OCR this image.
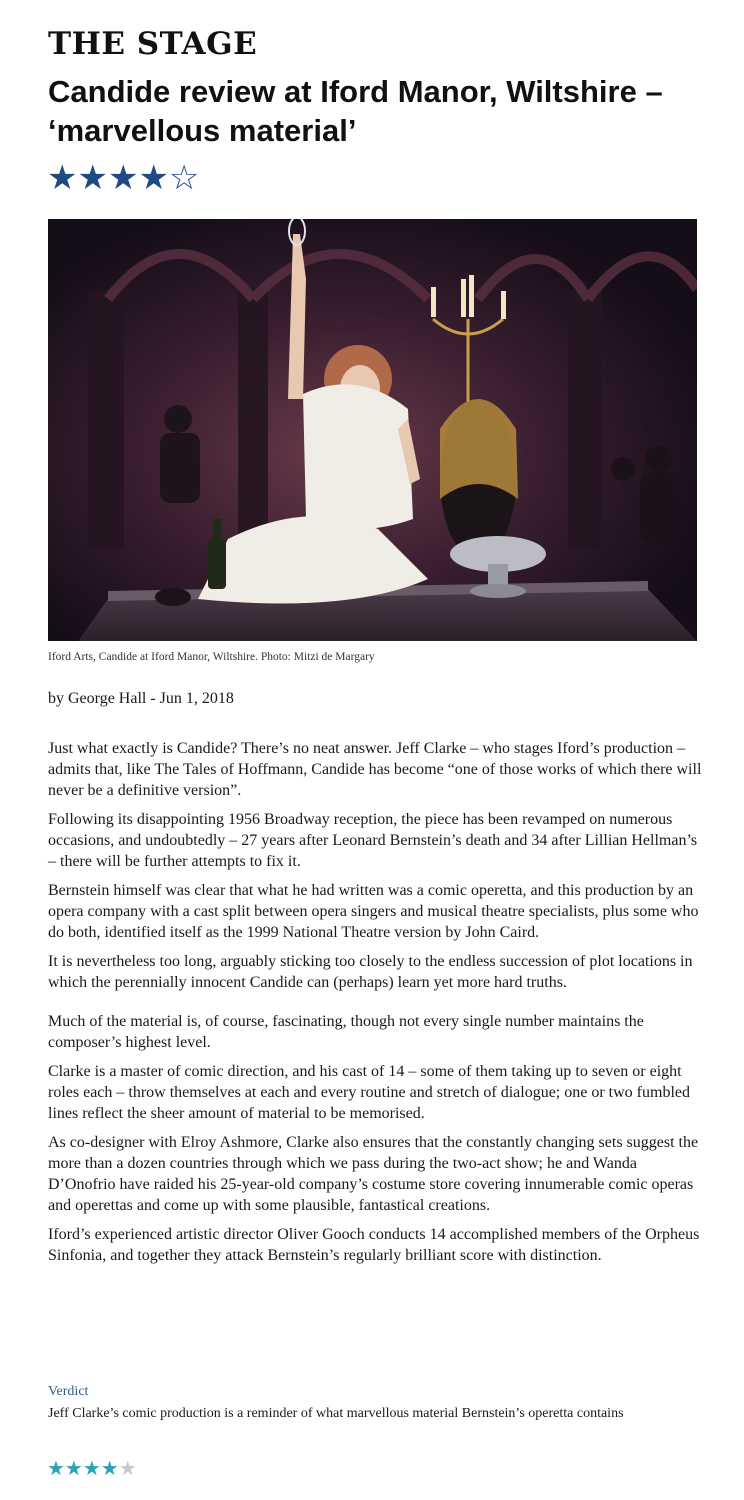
THE STAGE
Candide review at Iford Manor, Wiltshire – ‘marvellous material’
★★★★☆
Iford Arts, Candide at Iford Manor, Wiltshire. Photo: Mitzi de Margary
by George Hall - Jun 1, 2018

Just what exactly is Candide? There’s no neat answer. Jeff Clarke – who stages Iford’s production – admits that, like The Tales of Hoffmann, Candide has become “one of those works of which there will never be a definitive version”.

Following its disappointing 1956 Broadway reception, the piece has been revamped on numerous occasions, and undoubtedly – 27 years after Leonard Bernstein’s death and 34 after Lillian Hellman’s – there will be further attempts to fix it.

Bernstein himself was clear that what he had written was a comic operetta, and this production by an opera company with a cast split between opera singers and musical theatre specialists, plus some who do both, identified itself as the 1999 National Theatre version by John Caird.

It is nevertheless too long, arguably sticking too closely to the endless succession of plot locations in which the perennially innocent Candide can (perhaps) learn yet more hard truths.

Much of the material is, of course, fascinating, though not every single number maintains the composer’s highest level.

Clarke is a master of comic direction, and his cast of 14 – some of them taking up to seven or eight roles each – throw themselves at each and every routine and stretch of dialogue; one or two fumbled lines reflect the sheer amount of material to be memorised.

As co-designer with Elroy Ashmore, Clarke also ensures that the constantly changing sets suggest the more than a dozen countries through which we pass during the two-act show; he and Wanda D’Onofrio have raided his 25-year-old company’s costume store covering innumerable comic operas and operettas and come up with some plausible, fantastical creations.

Iford’s experienced artistic director Oliver Gooch conducts 14 accomplished members of the Orpheus Sinfonia, and together they attack Bernstein’s regularly brilliant score with distinction.

Verdict
Jeff Clarke’s comic production is a reminder of what marvellous material Bernstein’s operetta contains
★★★★★
